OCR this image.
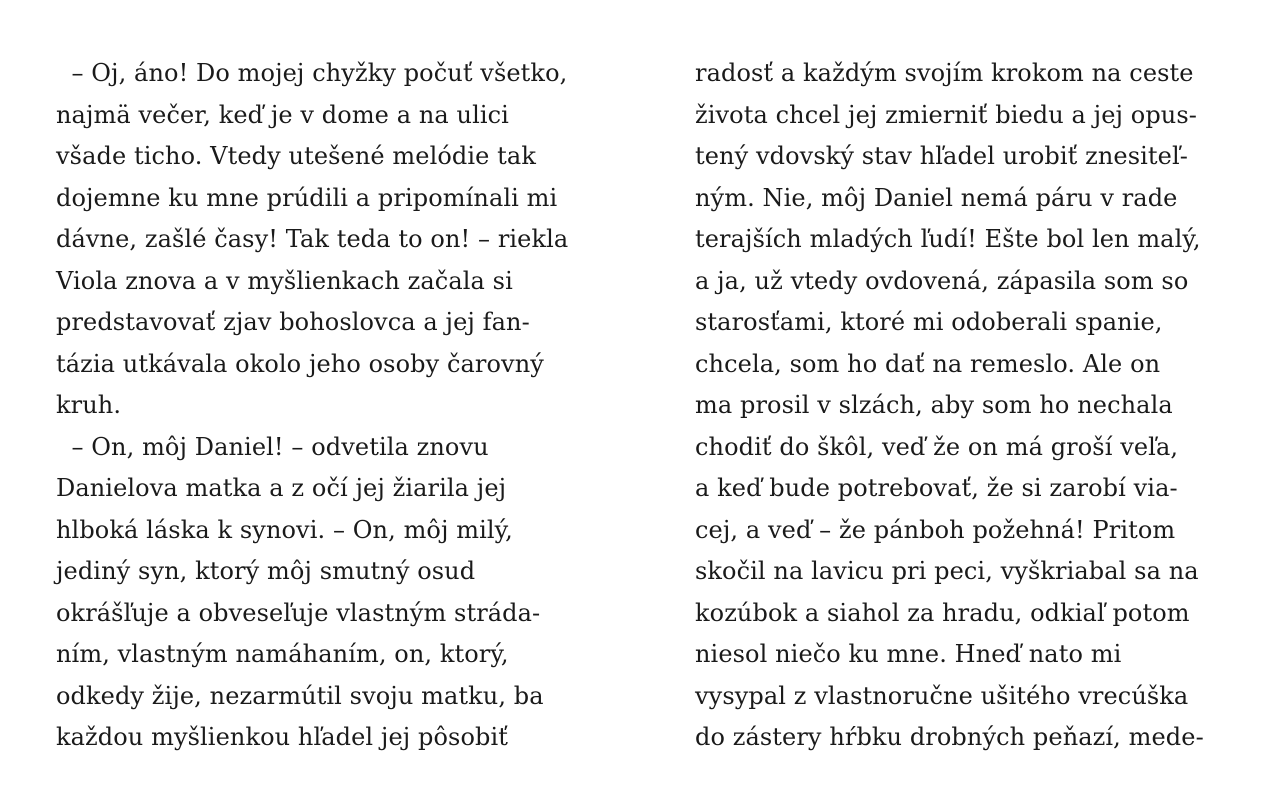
– Oj, áno! Do mojej chyžky počuť všetko,
najmä večer, keď je v dome a na ulici
všade ticho. Vtedy utešené melódie tak
dojemne ku mne prúdili a pripomínali mi
dávne, zašlé časy! Tak teda to on! – riekla
Viola znova a v myšlienkach začala si
predstavovať zjav bohoslovca a jej fan-
tázia utkávala okolo jeho osoby čarovný
kruh.
– On, môj Daniel! – odvetila znovu
Danielova matka a z očí jej žiarila jej
hlboká láska k synovi. – On, môj milý,
jediný syn, ktorý môj smutný osud
okrášľuje a obveseľuje vlastným stráda-
ním, vlastným namáhaním, on, ktorý,
odkedy žije, nezarmútil svoju matku, ba
každou myšlienkou hľadel jej pôsobiť
radosť a každým svojím krokom na ceste
života chcel jej zmierniť biedu a jej opus-
tený vdovský stav hľadel urobiť znesiteľ-
ným. Nie, môj Daniel nemá páru v rade
terajších mladých ľudí! Ešte bol len malý,
a ja, už vtedy ovdovená, zápasila som so
starosťami, ktoré mi odoberali spanie,
chcela, som ho dať na remeslo. Ale on
ma prosil v slzách, aby som ho nechala
chodiť do škôl, veď že on má groší veľa,
a keď bude potrebovať, že si zarobí via-
cej, a veď – že pánboh požehná! Pritom
skočil na lavicu pri peci, vyškriabal sa na
kozúbok a siahol za hradu, odkiaľ potom
niesol niečo ku mne. Hneď nato mi
vysypal z vlastnoručne ušitého vrecúška
do zástery hŕbku drobných peňazí, mede-
